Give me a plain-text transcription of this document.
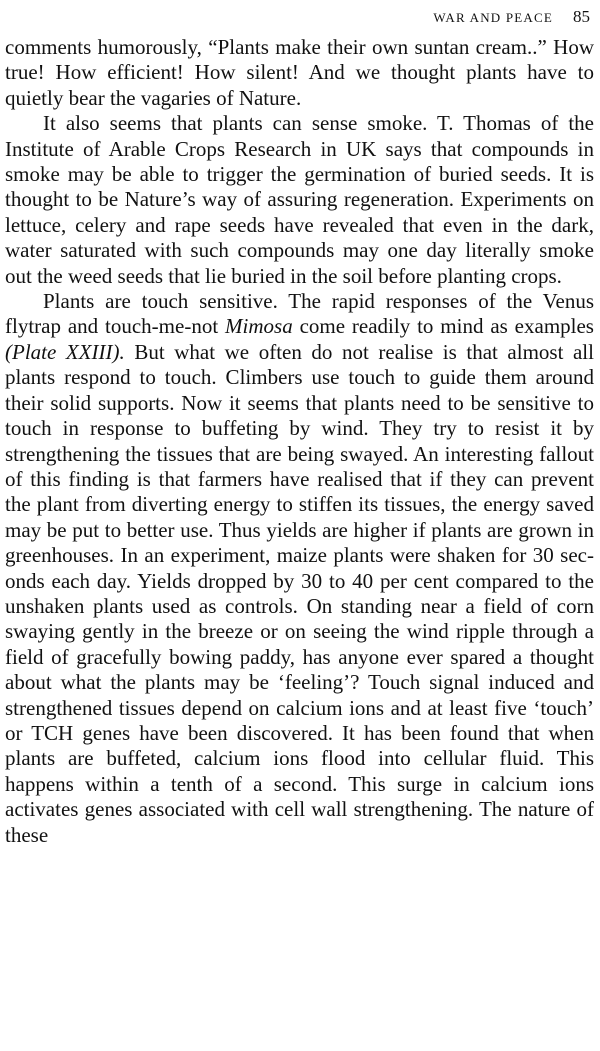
WAR AND PEACE 85

comments humorously, “Plants make their own suntan cream..” How true! How efficient! How silent! And we thought plants have to quietly bear the vagaries of Nature.

It also seems that plants can sense smoke. T. Thomas of the Institute of Arable Crops Research in UK says that compounds in smoke may be able to trigger the germination of buried seeds. It is thought to be Nature’s way of assuring regeneration. Experiments on lettuce, celery and rape seeds have revealed that even in the dark, water saturated with such compounds may one day literally smoke out the weed seeds that lie buried in the soil before planting crops.

Plants are touch sensitive. The rapid responses of the Venus flytrap and touch-me-not Mimosa come readily to mind as examples (Plate XXIII). But what we often do not realise is that almost all plants respond to touch. Climbers use touch to guide them around their solid supports. Now it seems that plants need to be sensitive to touch in response to buffeting by wind. They try to resist it by strengthening the tissues that are being swayed. An interesting fallout of this finding is that farmers have realised that if they can prevent the plant from diverting energy to stiffen its tissues, the energy saved may be put to better use. Thus yields are higher if plants are grown in greenhouses. In an experiment, maize plants were shaken for 30 seconds each day. Yields dropped by 30 to 40 per cent compared to the unshaken plants used as controls. On standing near a field of corn swaying gently in the breeze or on seeing the wind ripple through a field of gracefully bowing paddy, has anyone ever spared a thought about what the plants may be ‘feeling’? Touch signal induced and strengthened tissues depend on calcium ions and at least five ‘touch’ or TCH genes have been discovered. It has been found that when plants are buffeted, calcium ions flood into cellular fluid. This happens within a tenth of a second. This surge in calcium ions activates genes associated with cell wall strengthening. The nature of these
